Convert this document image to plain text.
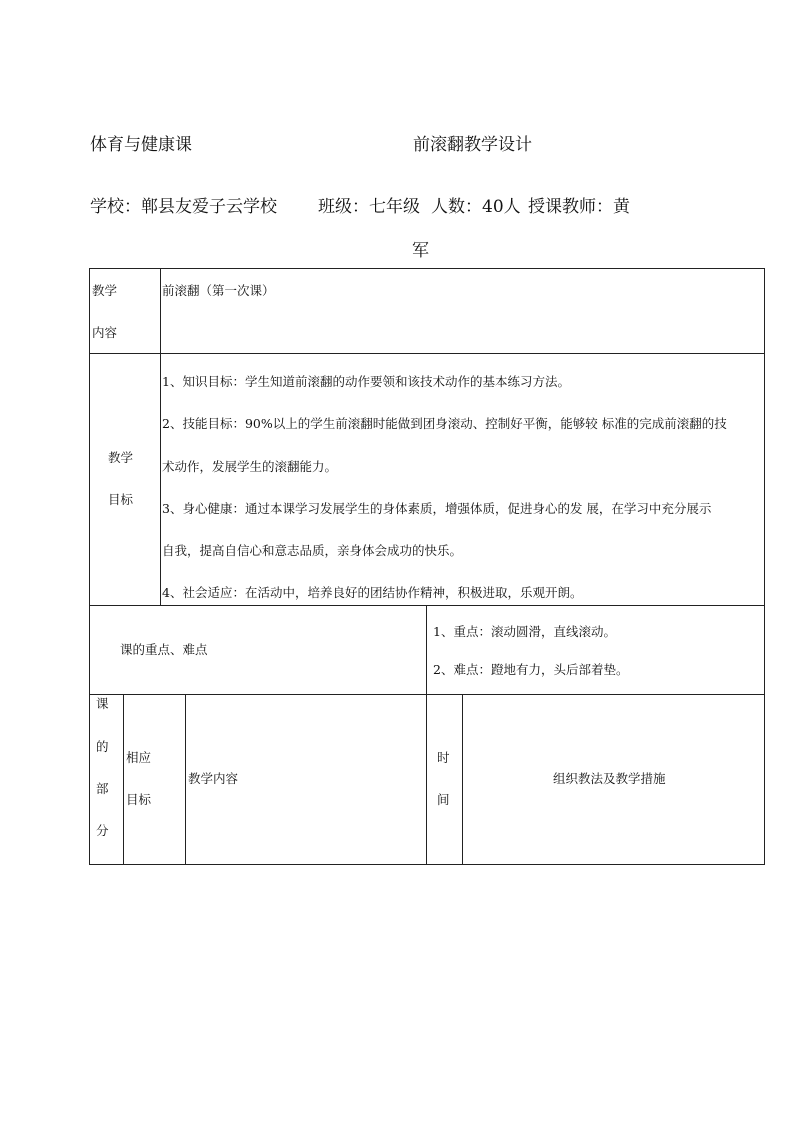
体育与健康课	前滚翻教学设计
学校：郸县友爱子云学校 班级：七年级 人数：40人 授课教师：黄
军
教学
内容
前滚翻（第一次课）
教学
目标
1、知识目标：学生知道前滚翻的动作要领和该技术动作的基本练习方法。
2、技能目标：90%以上的学生前滚翻时能做到团身滚动、控制好平衡，能够较 标准的完成前滚翻的技
术动作，发展学生的滚翻能力。
3、身心健康：通过本课学习发展学生的身体素质，增强体质，促进身心的发 展，在学习中充分展示
自我，提高自信心和意志品质，亲身体会成功的快乐。
4、社会适应：在活动中，培养良好的团结协作精神，积极进取，乐观开朗。
课的重点、难点
1、重点：滚动圆滑，直线滚动。
2、难点：蹬地有力，头后部着垫。
课
的
部
分
相应
目标
教学内容
时
间
组织教法及教学措施
